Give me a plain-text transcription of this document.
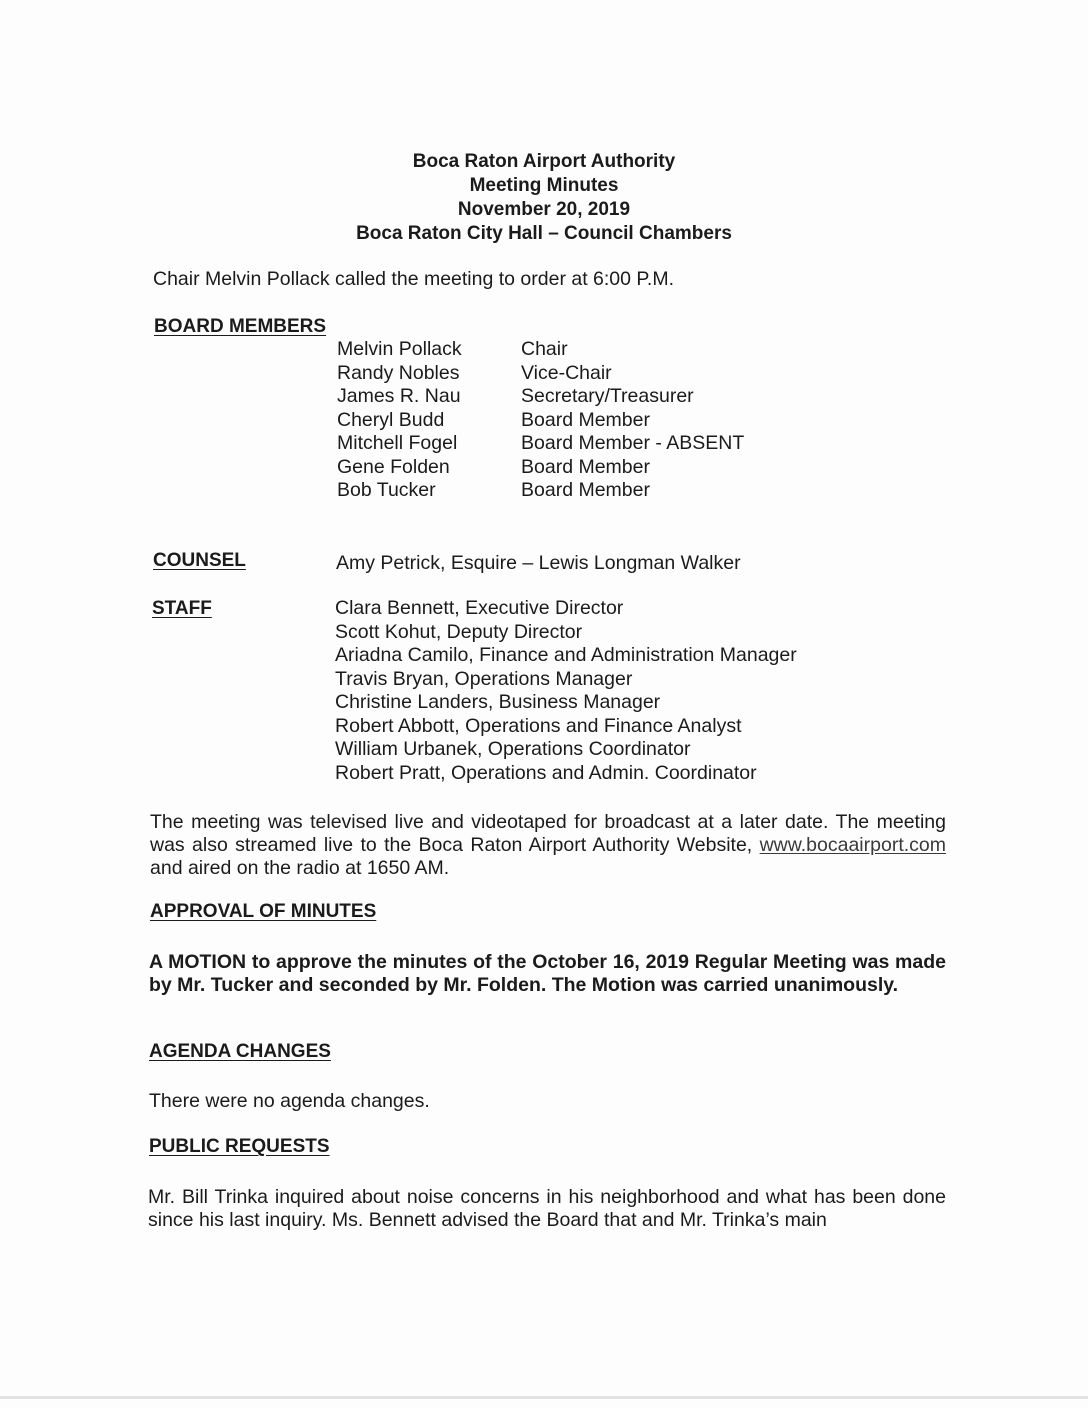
Boca Raton Airport Authority
Meeting Minutes
November 20, 2019
Boca Raton City Hall – Council Chambers
Chair Melvin Pollack called the meeting to order at 6:00 P.M.
BOARD MEMBERS
Melvin Pollack
Randy Nobles
James R. Nau
Cheryl Budd
Mitchell Fogel
Gene Folden
Bob Tucker
Chair
Vice-Chair
Secretary/Treasurer
Board Member
Board Member - ABSENT
Board Member
Board Member
COUNSEL	Amy Petrick, Esquire – Lewis Longman Walker
STAFF	Clara Bennett, Executive Director
Scott Kohut, Deputy Director
Ariadna Camilo, Finance and Administration Manager
Travis Bryan, Operations Manager
Christine Landers, Business Manager
Robert Abbott, Operations and Finance Analyst
William Urbanek, Operations Coordinator
Robert Pratt, Operations and Admin. Coordinator
The meeting was televised live and videotaped for broadcast at a later date. The meeting was also streamed live to the Boca Raton Airport Authority Website, www.bocaairport.com and aired on the radio at 1650 AM.
APPROVAL OF MINUTES
A MOTION to approve the minutes of the October 16, 2019 Regular Meeting was made by Mr. Tucker and seconded by Mr. Folden. The Motion was carried unanimously.
AGENDA CHANGES
There were no agenda changes.
PUBLIC REQUESTS
Mr. Bill Trinka inquired about noise concerns in his neighborhood and what has been done since his last inquiry. Ms. Bennett advised the Board that and Mr. Trinka’s main
